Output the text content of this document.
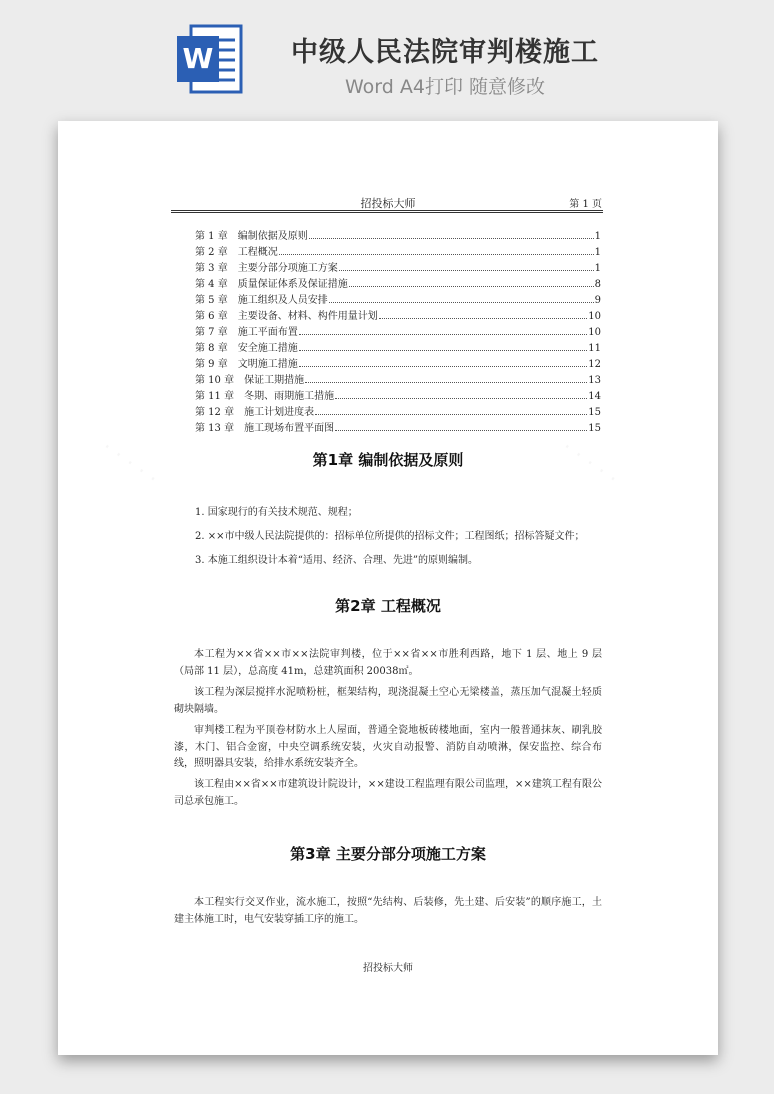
W	中级人民法院审判楼施工
Word A4打印 随意修改
招投标大师	第 1 页
第 1 章　编制依据及原则	1
第 2 章　工程概况	1
第 3 章　主要分部分项施工方案	1
第 4 章　质量保证体系及保证措施	8
第 5 章　施工组织及人员安排	9
第 6 章　主要设备、材料、构件用量计划	10
第 7 章　施工平面布置	10
第 8 章　安全施工措施	11
第 9 章　文明施工措施	12
第 10 章　保证工期措施	13
第 11 章　冬期、雨期施工措施	14
第 12 章　施工计划进度表	15
第 13 章　施工现场布置平面图	15
第1章 编制依据及原则
1. 国家现行的有关技术规范、规程；
2. ××市中级人民法院提供的：招标单位所提供的招标文件；工程图纸；招标答疑文件；
3. 本施工组织设计本着“适用、经济、合理、先进”的原则编制。
第2章 工程概况

本工程为××省××市××法院审判楼，位于××省××市胜利西路，地下 1 层、地上 9 层（局部 11 层），总高度 41m，总建筑面积 20038㎡。

该工程为深层搅拌水泥喷粉桩，框架结构，现浇混凝土空心无梁楼盖，蒸压加气混凝土轻质砌块隔墙。

审判楼工程为平顶卷材防水上人屋面，普通全瓷地板砖楼地面，室内一般普通抹灰、刷乳胶漆，木门、铝合金窗，中央空调系统安装，火灾自动报警、消防自动喷淋，保安监控、综合布线，照明器具安装，给排水系统安装齐全。

该工程由××省××市建筑设计院设计，××建设工程监理有限公司监理，××建筑工程有限公司总承包施工。

第3章 主要分部分项施工方案

本工程实行交叉作业，流水施工，按照“先结构、后装修，先土建、后安装”的顺序施工，土建主体施工时，电气安装穿插工序的施工。

招投标大师
